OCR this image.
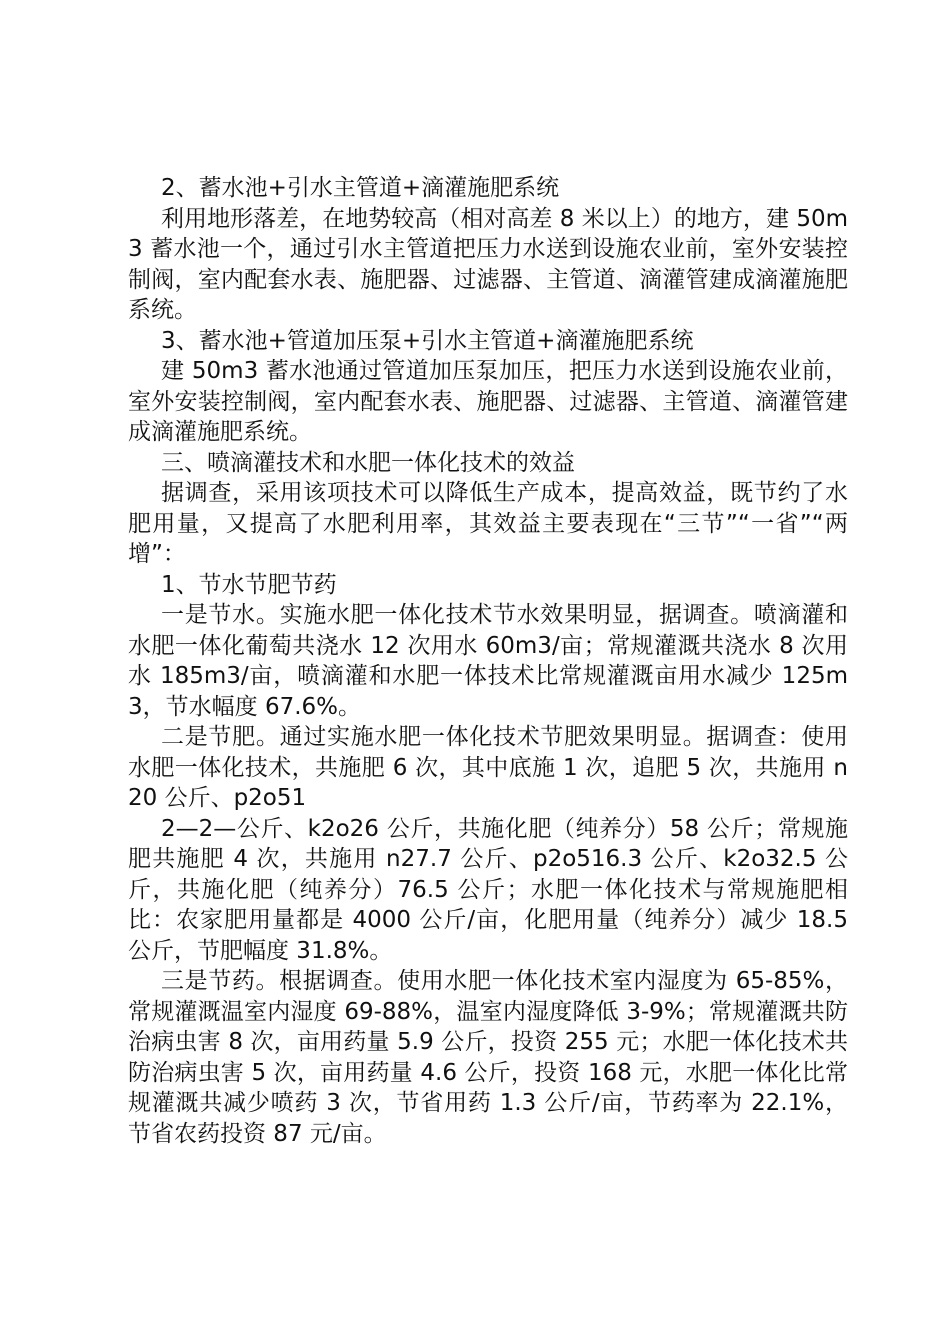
2、蓄水池+引水主管道+滴灌施肥系统

利用地形落差，在地势较高（相对高差 8 米以上）的地方，建 50m3 蓄水池一个，通过引水主管道把压力水送到设施农业前，室外安装控制阀，室内配套水表、施肥器、过滤器、主管道、滴灌管建成滴灌施肥系统。

3、蓄水池+管道加压泵+引水主管道+滴灌施肥系统

建 50m3 蓄水池通过管道加压泵加压，把压力水送到设施农业前，室外安装控制阀，室内配套水表、施肥器、过滤器、主管道、滴灌管建成滴灌施肥系统。

三、喷滴灌技术和水肥一体化技术的效益

据调查，采用该项技术可以降低生产成本，提高效益，既节约了水肥用量，又提高了水肥利用率，其效益主要表现在“三节”“一省”“两增”：

1、节水节肥节药

一是节水。实施水肥一体化技术节水效果明显，据调查。喷滴灌和水肥一体化葡萄共浇水 12 次用水 60m3/亩；常规灌溉共浇水 8 次用水 185m3/亩，喷滴灌和水肥一体技术比常规灌溉亩用水减少 125m3，节水幅度 67.6%。

二是节肥。通过实施水肥一体化技术节肥效果明显。据调查：使用水肥一体化技术，共施肥 6 次，其中底施 1 次，追肥 5 次，共施用 n20 公斤、p2o51

2—2—公斤、k2o26 公斤，共施化肥（纯养分）58 公斤；常规施肥共施肥 4 次，共施用 n27.7 公斤、p2o516.3 公斤、k2o32.5 公斤，共施化肥（纯养分）76.5 公斤；水肥一体化技术与常规施肥相比：农家肥用量都是 4000 公斤/亩，化肥用量（纯养分）减少 18.5 公斤，节肥幅度 31.8%。

三是节药。根据调查。使用水肥一体化技术室内湿度为 65-85%，常规灌溉温室内湿度 69-88%，温室内湿度降低 3-9%；常规灌溉共防治病虫害 8 次，亩用药量 5.9 公斤，投资 255 元；水肥一体化技术共防治病虫害 5 次，亩用药量 4.6 公斤，投资 168 元，水肥一体化比常规灌溉共减少喷药 3 次，节省用药 1.3 公斤/亩，节药率为 22.1%，节省农药投资 87 元/亩。
